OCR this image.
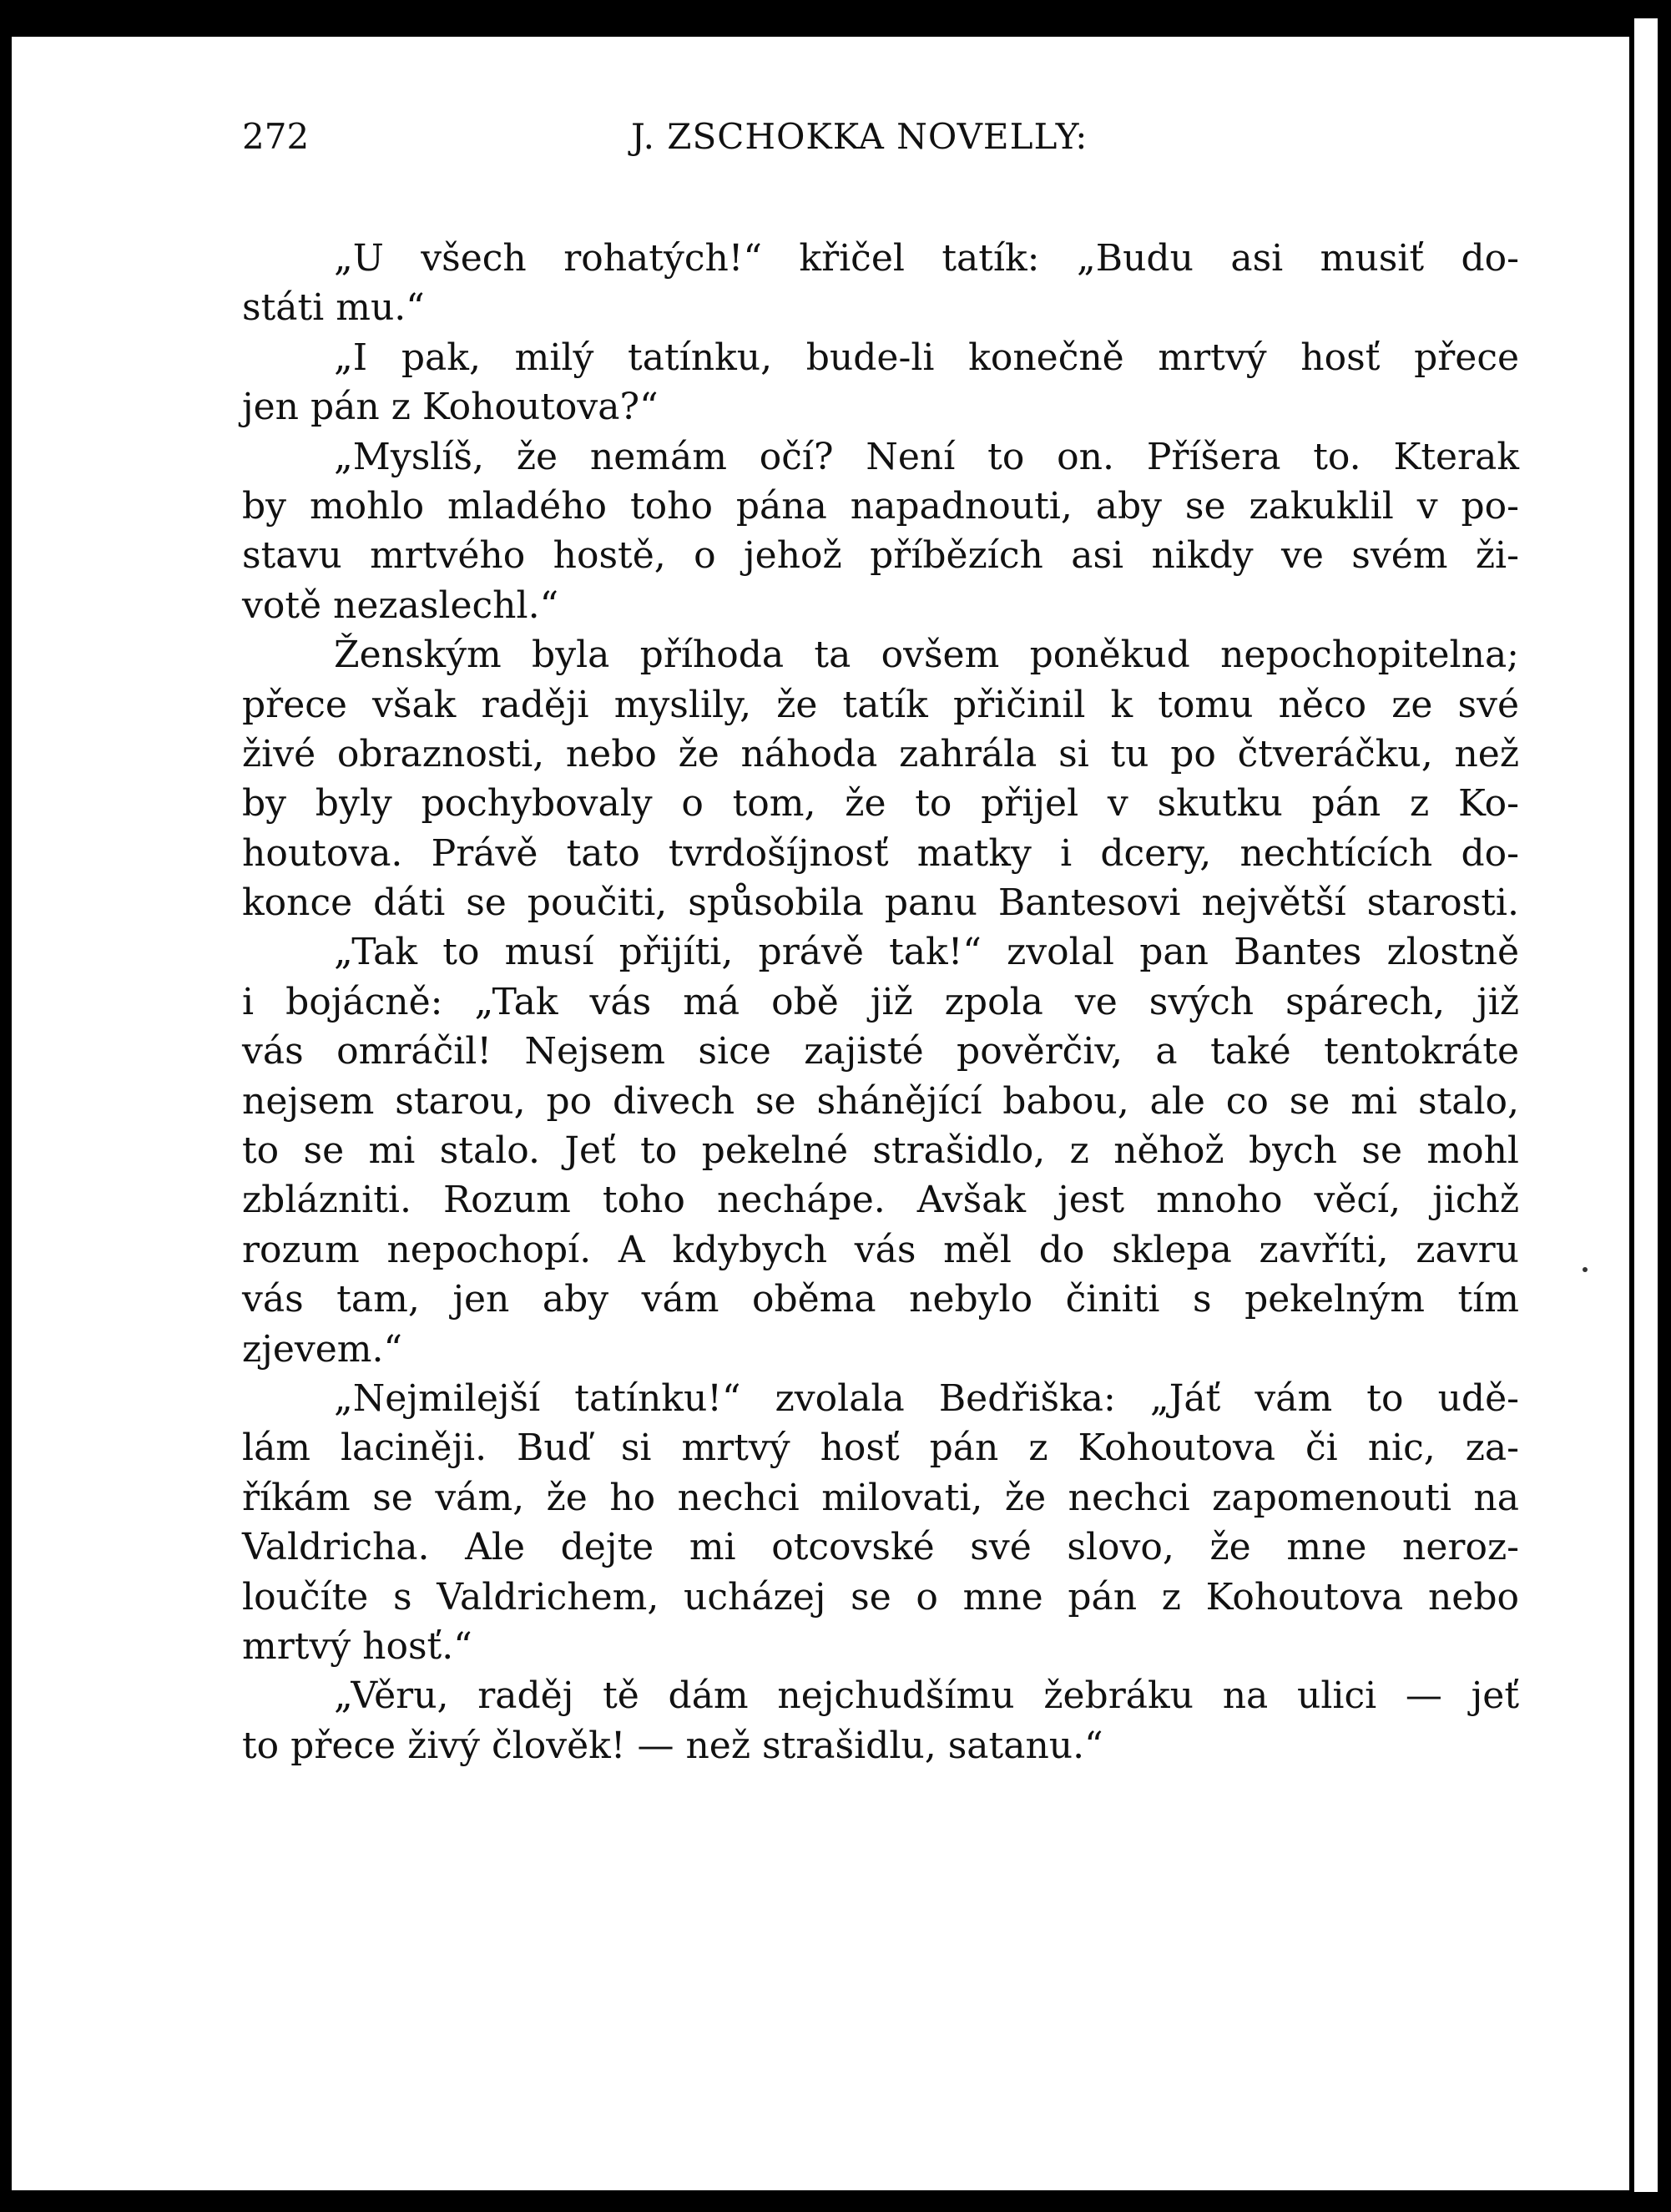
272	J. ZSCHOKKA NOVELLY:
„U všech rohatých!“ křičel tatík: „Budu asi musiť do-
státi mu.“
„I pak, milý tatínku, bude-li konečně mrtvý hosť přece
jen pán z Kohoutova?“
„Myslíš, že nemám očí? Není to on. Příšera to. Kterak
by mohlo mladého toho pána napadnouti, aby se zakuklil v po-
stavu mrtvého hostě, o jehož příbězích asi nikdy ve svém ži-
votě nezaslechl.“
Ženským byla příhoda ta ovšem poněkud nepochopitelna;
přece však raději myslily, že tatík přičinil k tomu něco ze své
živé obraznosti, nebo že náhoda zahrála si tu po čtveráčku, než
by byly pochybovaly o tom, že to přijel v skutku pán z Ko-
houtova. Právě tato tvrdošíjnosť matky i dcery, nechtících do-
konce dáti se poučiti, spůsobila panu Bantesovi největší starosti.
„Tak to musí přijíti, právě tak!“ zvolal pan Bantes zlostně
i bojácně: „Tak vás má obě již zpola ve svých spárech, již
vás omráčil! Nejsem sice zajisté pověrčiv, a také tentokráte
nejsem starou, po divech se shánějící babou, ale co se mi stalo,
to se mi stalo. Jeť to pekelné strašidlo, z něhož bych se mohl
zblázniti. Rozum toho nechápe. Avšak jest mnoho věcí, jichž
rozum nepochopí. A kdybych vás měl do sklepa zavříti, zavru
vás tam, jen aby vám oběma nebylo činiti s pekelným tím
zjevem.“
„Nejmilejší tatínku!“ zvolala Bedřiška: „Jáť vám to udě-
lám laciněji. Buď si mrtvý hosť pán z Kohoutova či nic, za-
říkám se vám, že ho nechci milovati, že nechci zapomenouti na
Valdricha. Ale dejte mi otcovské své slovo, že mne neroz-
loučíte s Valdrichem, ucházej se o mne pán z Kohoutova nebo
mrtvý hosť.“
„Věru, raděj tě dám nejchudšímu žebráku na ulici — jeť
to přece živý člověk! — než strašidlu, satanu.“
